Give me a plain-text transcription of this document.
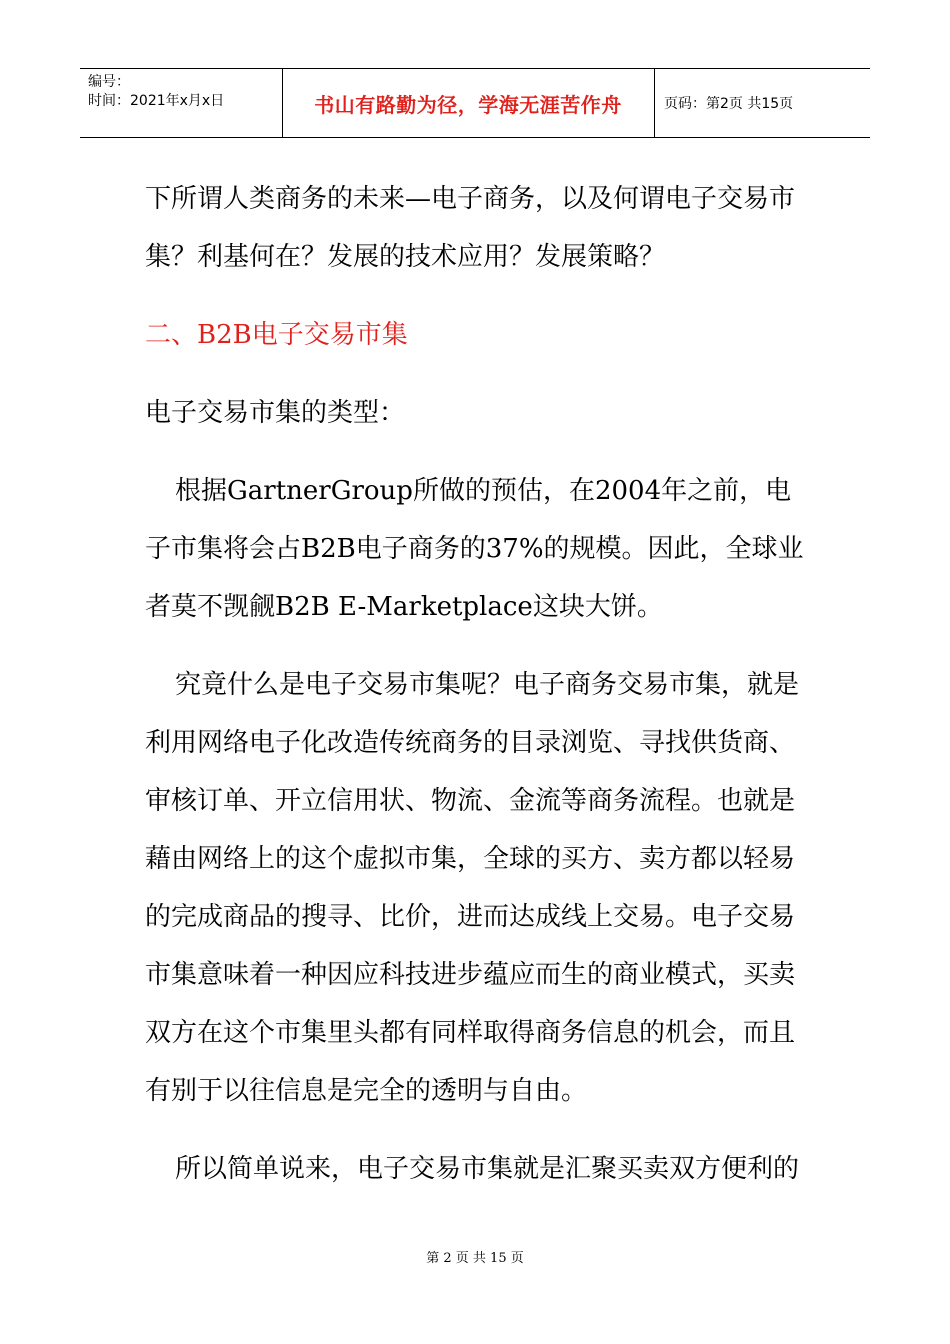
编号：
时间：2021年x月x日	书山有路勤为径，学海无涯苦作舟	页码：第2页 共15页

下所谓人类商务的未来—电子商务，以及何谓电子交易市集？利基何在？发展的技术应用？发展策略？

二、B2B电子交易市集

电子交易市集的类型：

根据GartnerGroup所做的预估，在2004年之前，电子市集将会占B2B电子商务的37%的规模。因此，全球业者莫不觊觎B2B E-Marketplace这块大饼。

究竟什么是电子交易市集呢？电子商务交易市集，就是利用网络电子化改造传统商务的目录浏览、寻找供货商、审核订单、开立信用状、物流、金流等商务流程。也就是藉由网络上的这个虚拟市集，全球的买方、卖方都以轻易的完成商品的搜寻、比价，进而达成线上交易。电子交易市集意味着一种因应科技进步蕴应而生的商业模式，买卖双方在这个市集里头都有同样取得商务信息的机会，而且有别于以往信息是完全的透明与自由。

所以简单说来，电子交易市集就是汇聚买卖双方便利的

第 2 页 共 15 页
